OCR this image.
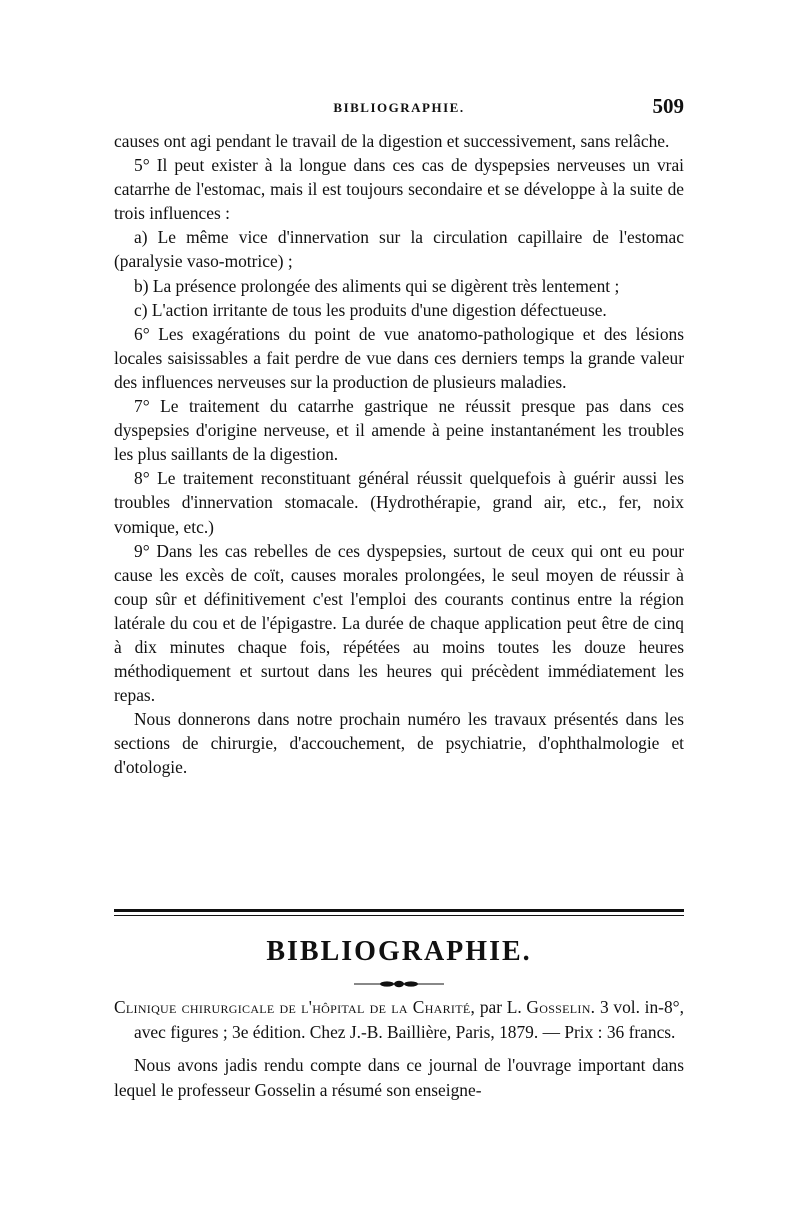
BIBLIOGRAPHIE.	509

causes ont agi pendant le travail de la digestion et successivement, sans relâche.

5° Il peut exister à la longue dans ces cas de dyspepsies nerveuses un vrai catarrhe de l'estomac, mais il est toujours secondaire et se développe à la suite de trois influences :

a) Le même vice d'innervation sur la circulation capillaire de l'estomac (paralysie vaso-motrice) ;

b) La présence prolongée des aliments qui se digèrent très lentement ;

c) L'action irritante de tous les produits d'une digestion défectueuse.

6° Les exagérations du point de vue anatomo-pathologique et des lésions locales saisissables a fait perdre de vue dans ces derniers temps la grande valeur des influences nerveuses sur la production de plusieurs maladies.

7° Le traitement du catarrhe gastrique ne réussit presque pas dans ces dyspepsies d'origine nerveuse, et il amende à peine instantanément les troubles les plus saillants de la digestion.

8° Le traitement reconstituant général réussit quelquefois à guérir aussi les troubles d'innervation stomacale. (Hydrothérapie, grand air, etc., fer, noix vomique, etc.)

9° Dans les cas rebelles de ces dyspepsies, surtout de ceux qui ont eu pour cause les excès de coït, causes morales prolongées, le seul moyen de réussir à coup sûr et définitivement c'est l'emploi des courants continus entre la région latérale du cou et de l'épigastre. La durée de chaque application peut être de cinq à dix minutes chaque fois, répétées au moins toutes les douze heures méthodiquement et surtout dans les heures qui précèdent immédiatement les repas.

Nous donnerons dans notre prochain numéro les travaux présentés dans les sections de chirurgie, d'accouchement, de psychiatrie, d'ophthalmologie et d'otologie.

BIBLIOGRAPHIE.

Clinique chirurgicale de l'hôpital de la Charité, par L. Gosselin. 3 vol. in-8°, avec figures ; 3e édition. Chez J.-B. Baillière, Paris, 1879. — Prix : 36 francs.

Nous avons jadis rendu compte dans ce journal de l'ouvrage important dans lequel le professeur Gosselin a résumé son enseigne-
